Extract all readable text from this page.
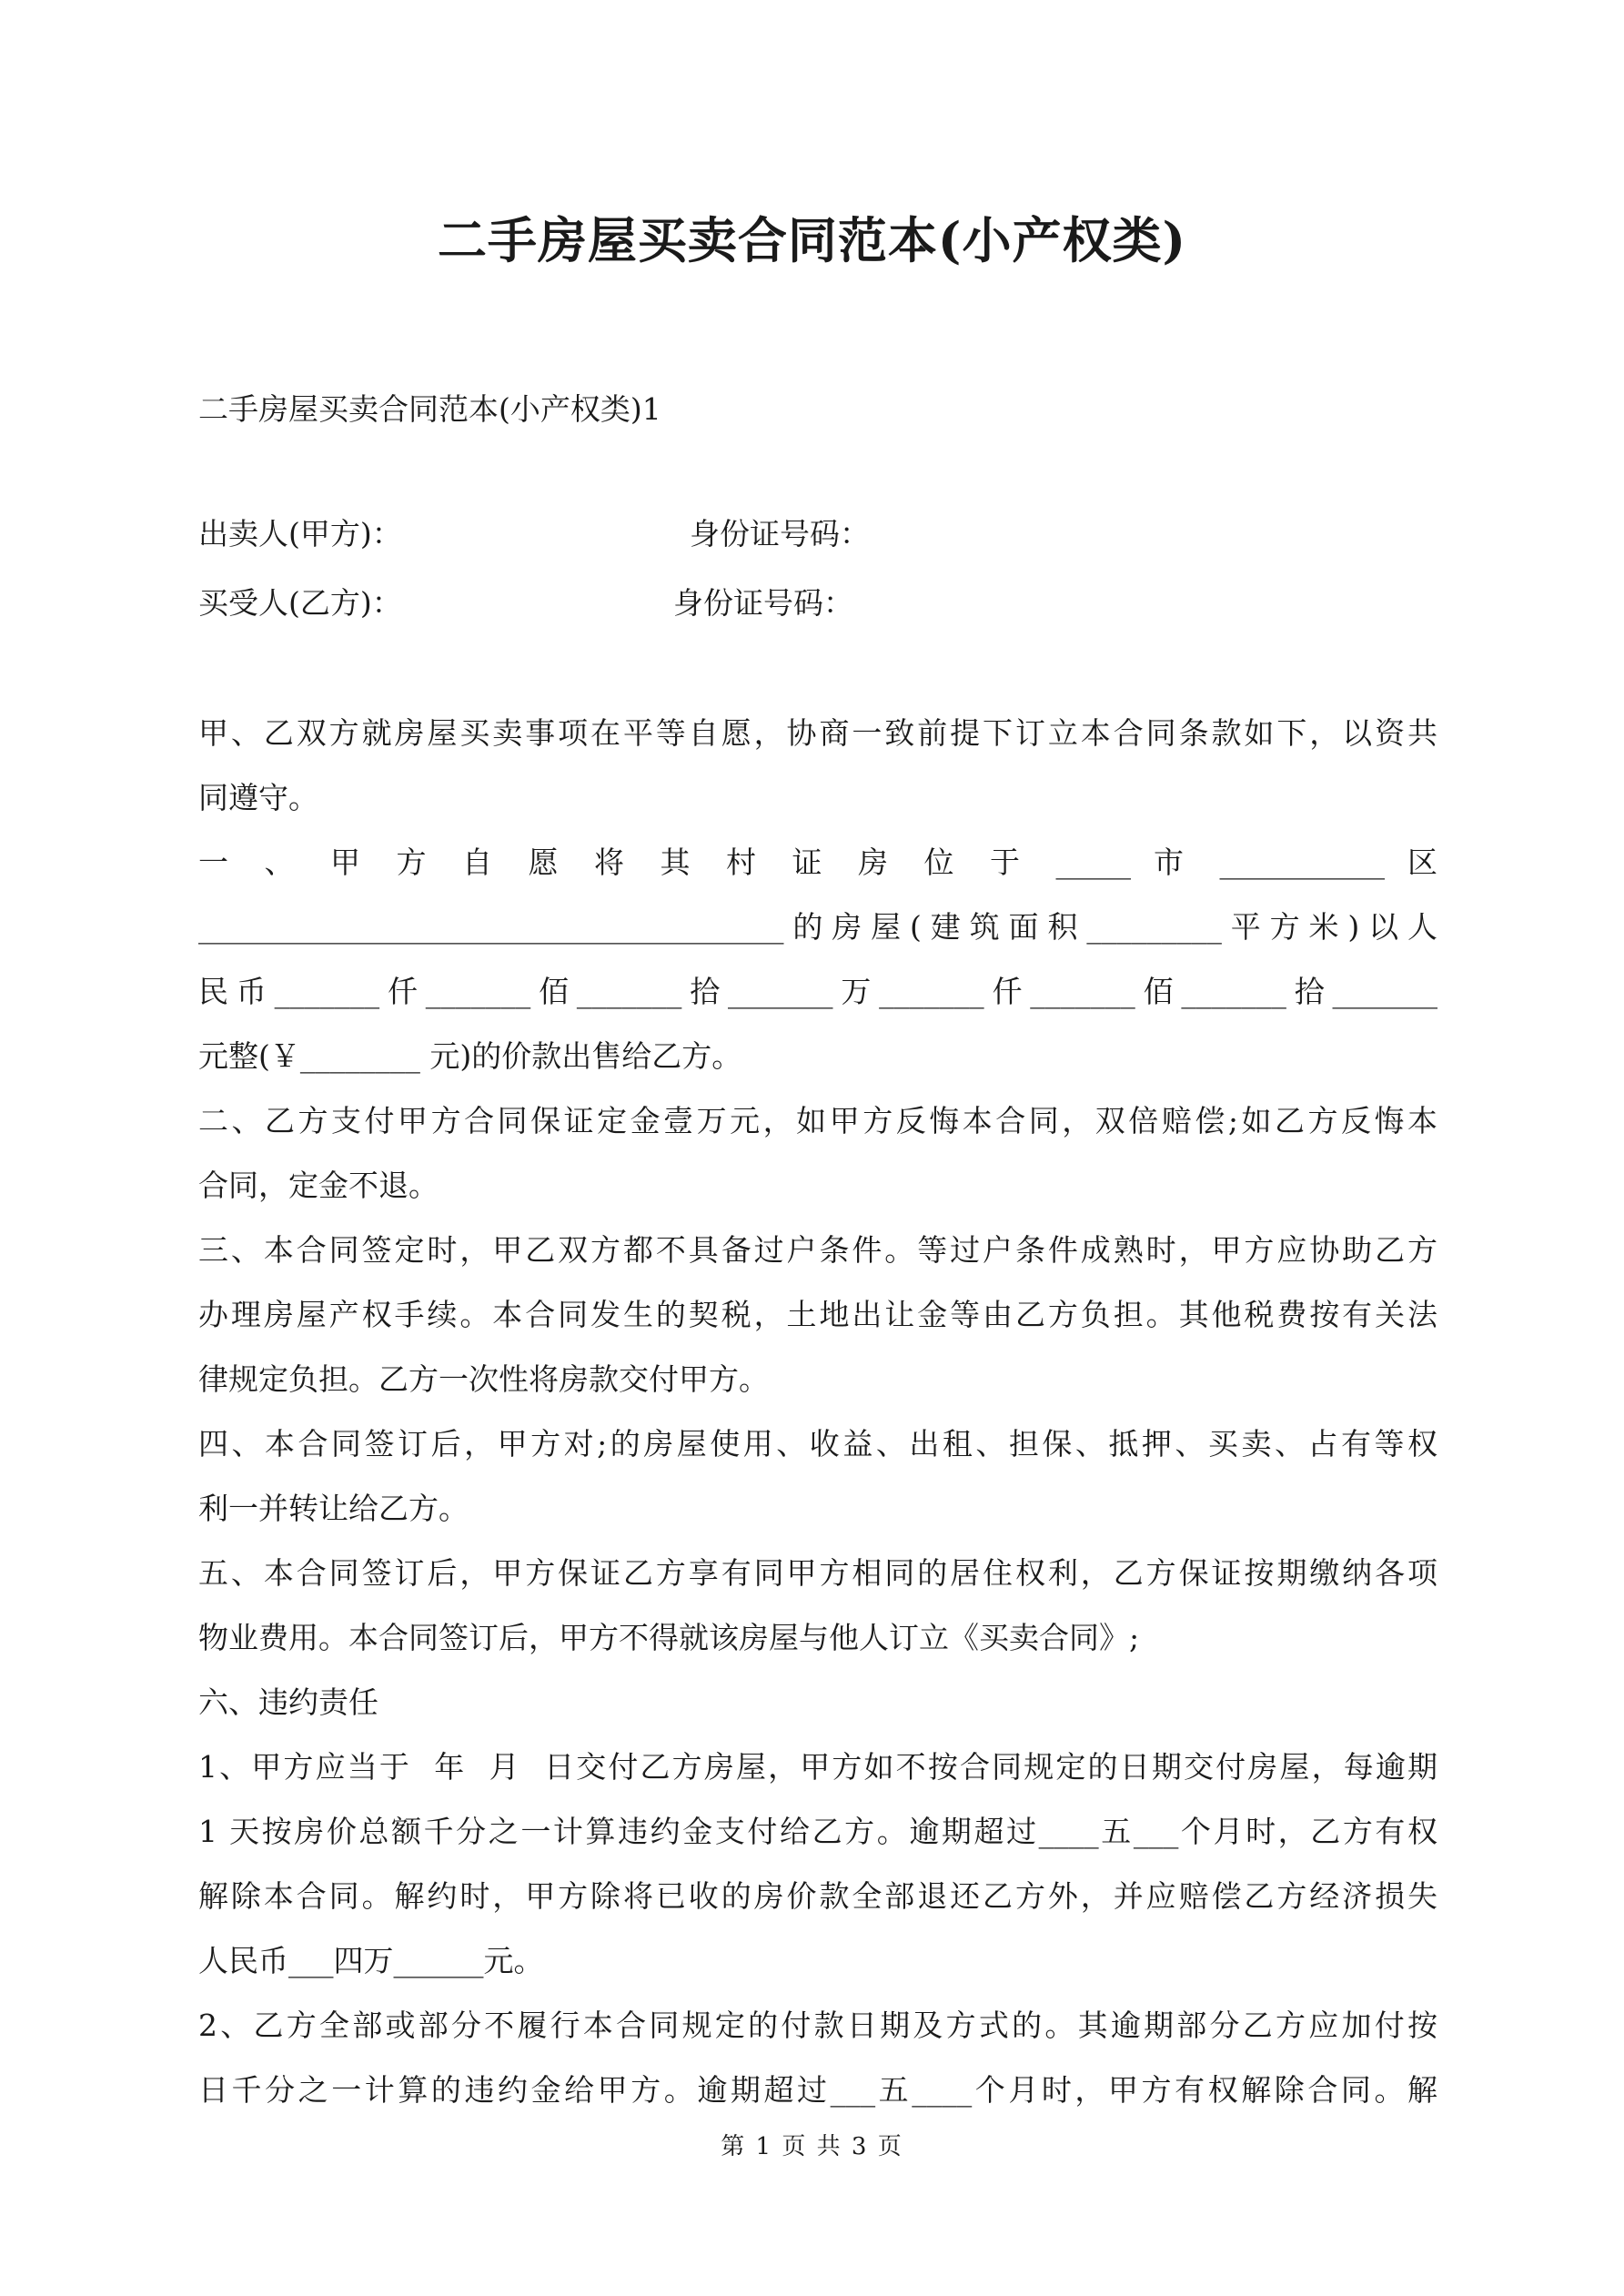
二手房屋买卖合同范本(小产权类)
二手房屋买卖合同范本(小产权类)1
出卖人(甲方)：	身份证号码：
买受人(乙方)：	身份证号码：
甲、乙双方就房屋买卖事项在平等自愿，协商一致前提下订立本合同条款如下，以资共
同遵守。
一 、 甲 方 自 愿 将 其 村 证 房 位 于 _____ 市 ___________ 区
_______________________________________的房屋(建筑面积_________平方米)以人
民币_______仟_______佰_______拾_______万_______仟_______佰_______拾_______
元整(￥________ 元)的价款出售给乙方。
二、乙方支付甲方合同保证定金壹万元，如甲方反悔本合同，双倍赔偿;如乙方反悔本
合同，定金不退。
三、本合同签定时，甲乙双方都不具备过户条件。等过户条件成熟时，甲方应协助乙方
办理房屋产权手续。本合同发生的契税，土地出让金等由乙方负担。其他税费按有关法
律规定负担。乙方一次性将房款交付甲方。
四、本合同签订后，甲方对;的房屋使用、收益、出租、担保、抵押、买卖、占有等权
利一并转让给乙方。
五、本合同签订后，甲方保证乙方享有同甲方相同的居住权利，乙方保证按期缴纳各项
物业费用。本合同签订后，甲方不得就该房屋与他人订立《买卖合同》;
六、违约责任
1、甲方应当于  年  月  日交付乙方房屋，甲方如不按合同规定的日期交付房屋，每逾期
1 天按房价总额千分之一计算违约金支付给乙方。逾期超过____五___个月时，乙方有权
解除本合同。解约时，甲方除将已收的房价款全部退还乙方外，并应赔偿乙方经济损失
人民币___四万______元。
2、乙方全部或部分不履行本合同规定的付款日期及方式的。其逾期部分乙方应加付按
日千分之一计算的违约金给甲方。逾期超过___五____个月时，甲方有权解除合同。解
第 1 页 共 3 页
